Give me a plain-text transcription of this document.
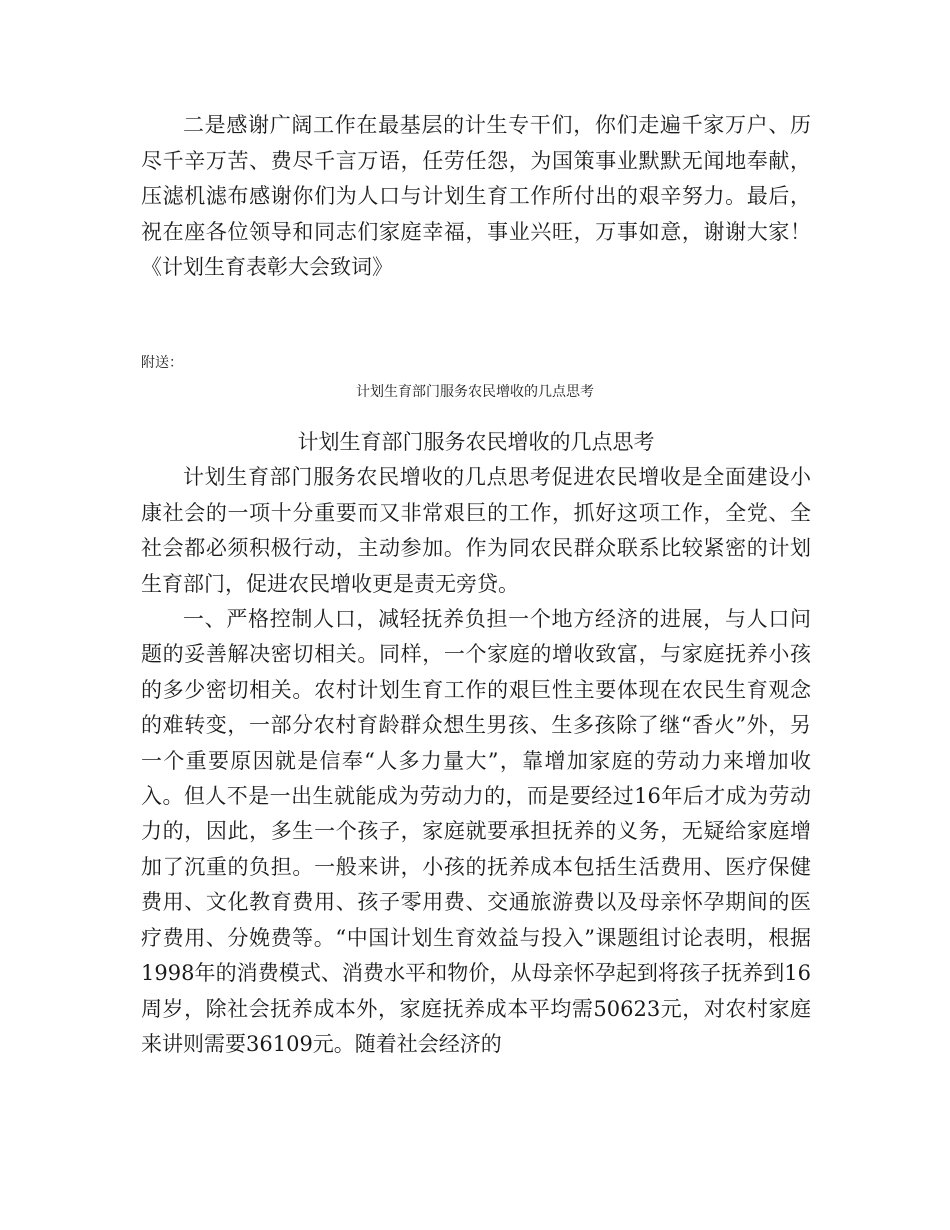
二是感谢广阔工作在最基层的计生专干们，你们走遍千家万户、历尽千辛万苦、费尽千言万语，任劳任怨，为国策事业默默无闻地奉献，压滤机滤布感谢你们为人口与计划生育工作所付出的艰辛努力。最后，祝在座各位领导和同志们家庭幸福，事业兴旺，万事如意，谢谢大家！《计划生育表彰大会致词》

附送：
计划生育部门服务农民增收的几点思考

计划生育部门服务农民增收的几点思考

计划生育部门服务农民增收的几点思考促进农民增收是全面建设小康社会的一项十分重要而又非常艰巨的工作，抓好这项工作，全党、全社会都必须积极行动，主动参加。作为同农民群众联系比较紧密的计划生育部门，促进农民增收更是责无旁贷。

一、严格控制人口，减轻抚养负担一个地方经济的进展，与人口问题的妥善解决密切相关。同样，一个家庭的增收致富，与家庭抚养小孩的多少密切相关。农村计划生育工作的艰巨性主要体现在农民生育观念的难转变，一部分农村育龄群众想生男孩、生多孩除了继“香火”外，另一个重要原因就是信奉“人多力量大”，靠增加家庭的劳动力来增加收入。但人不是一出生就能成为劳动力的，而是要经过16年后才成为劳动力的，因此，多生一个孩子，家庭就要承担抚养的义务，无疑给家庭增加了沉重的负担。一般来讲，小孩的抚养成本包括生活费用、医疗保健费用、文化教育费用、孩子零用费、交通旅游费以及母亲怀孕期间的医疗费用、分娩费等。“中国计划生育效益与投入”课题组讨论表明，根据1998年的消费模式、消费水平和物价，从母亲怀孕起到将孩子抚养到16周岁，除社会抚养成本外，家庭抚养成本平均需50623元，对农村家庭来讲则需要36109元。随着社会经济的
